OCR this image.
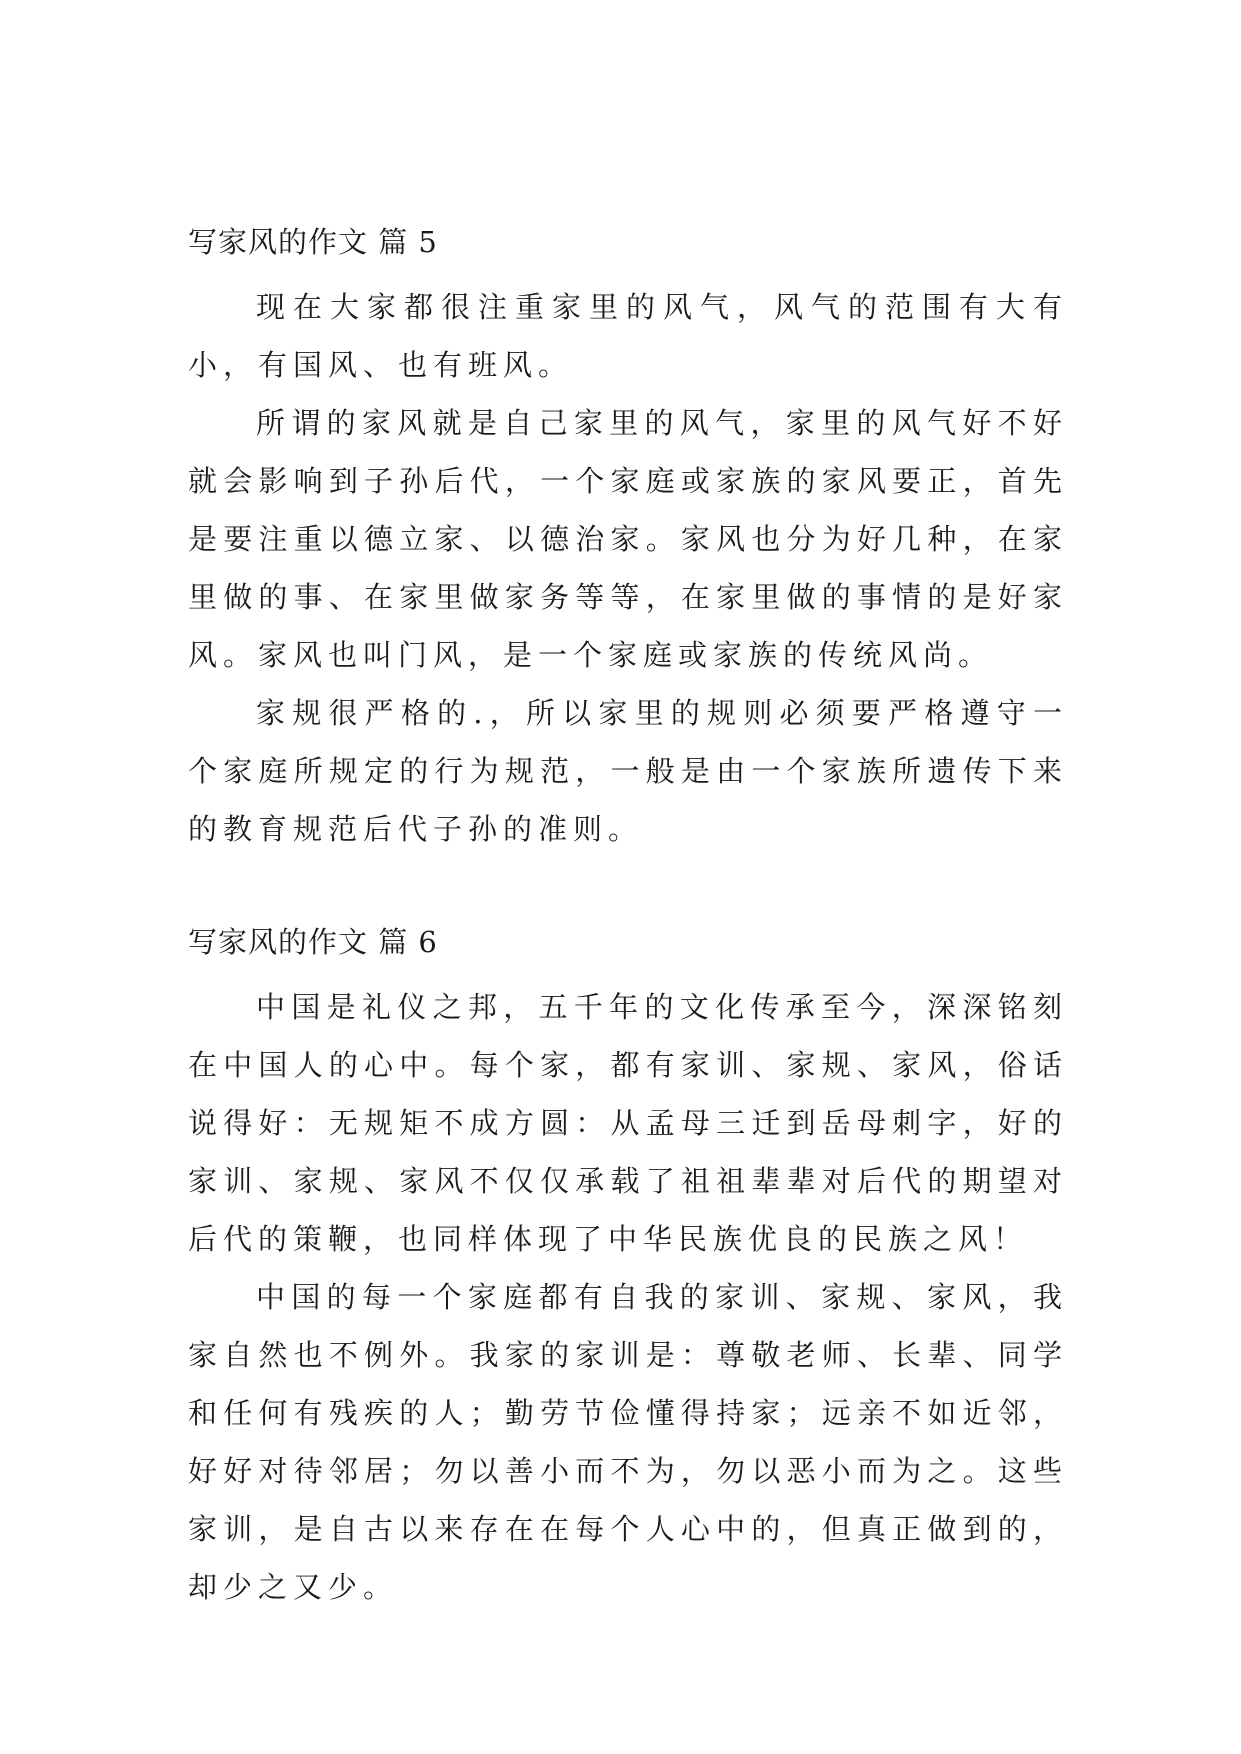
写家风的作文 篇 5

现在大家都很注重家里的风气，风气的范围有大有小，有国风、也有班风。

所谓的家风就是自己家里的风气，家里的风气好不好就会影响到子孙后代，一个家庭或家族的家风要正，首先是要注重以德立家、以德治家。家风也分为好几种，在家里做的事、在家里做家务等等，在家里做的事情的是好家风。家风也叫门风，是一个家庭或家族的传统风尚。

家规很严格的.，所以家里的规则必须要严格遵守一个家庭所规定的行为规范，一般是由一个家族所遗传下来的教育规范后代子孙的准则。

写家风的作文 篇 6

中国是礼仪之邦，五千年的文化传承至今，深深铭刻在中国人的心中。每个家，都有家训、家规、家风，俗话说得好：无规矩不成方圆：从孟母三迁到岳母刺字，好的家训、家规、家风不仅仅承载了祖祖辈辈对后代的期望对后代的策鞭，也同样体现了中华民族优良的民族之风！

中国的每一个家庭都有自我的家训、家规、家风，我家自然也不例外。我家的家训是：尊敬老师、长辈、同学和任何有残疾的人；勤劳节俭懂得持家；远亲不如近邻，好好对待邻居；勿以善小而不为，勿以恶小而为之。这些家训，是自古以来存在在每个人心中的，但真正做到的，却少之又少。
